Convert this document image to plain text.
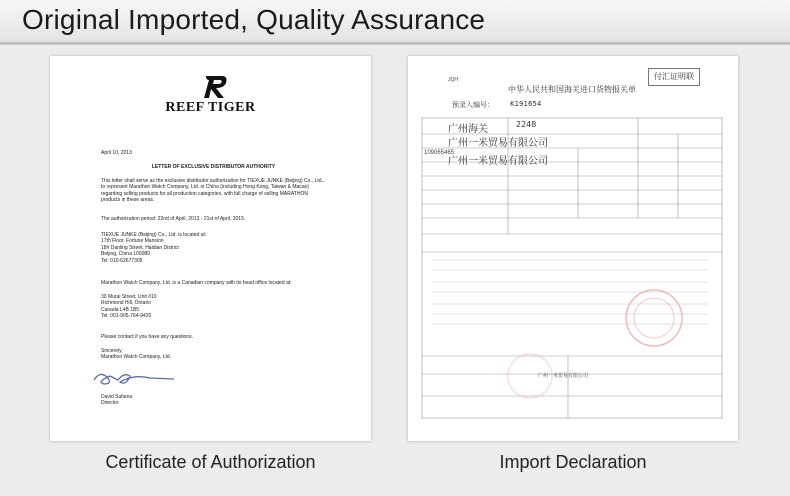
Original Imported, Quality Assurance
REEF TIGER
April 10, 2013
LETTER OF EXCLUSIVE DISTRIBUTOR AUTHORITY
This letter shall serve as the exclusive distributor authorization for TIEXUE JUNKE (Beijing) Co., Ltd., to represent Marathon Watch Company, Ltd. in China (including Hong Kong, Taiwan & Macao) regarding selling products for all production categories, with full charge of selling MARATHON products in these areas.
The authorization period: 22nd of April, 2013 - 21st of April, 2015.
TIEXUE JUNKE (Beijing) Co., Ltd. is located at:
17th Floor, Fortune Mansion
18# Danling Street, Haidian District
Beijing, China 100080
Tel: 010-62677305
Marathon Watch Company, Ltd. is a Canadian company with its head office located at:
30 Mural Street, Unit #10
Richmond Hill, Ontario
Canada L4B 1B5
Tel: 001-905-764-9420
Please contact if you have any questions.
Sincerely,
Marathon Watch Company, Ltd.
David Sultana
Director
JQH
中华人民共和国海关进口货物报关单
付汇证明联
预录入编号： K191654
广州海关	2248
广州一米贸易有限公司
109065465
广州一米贸易有限公司
广州一米贸易有限公司
Certificate of Authorization	Import Declaration
